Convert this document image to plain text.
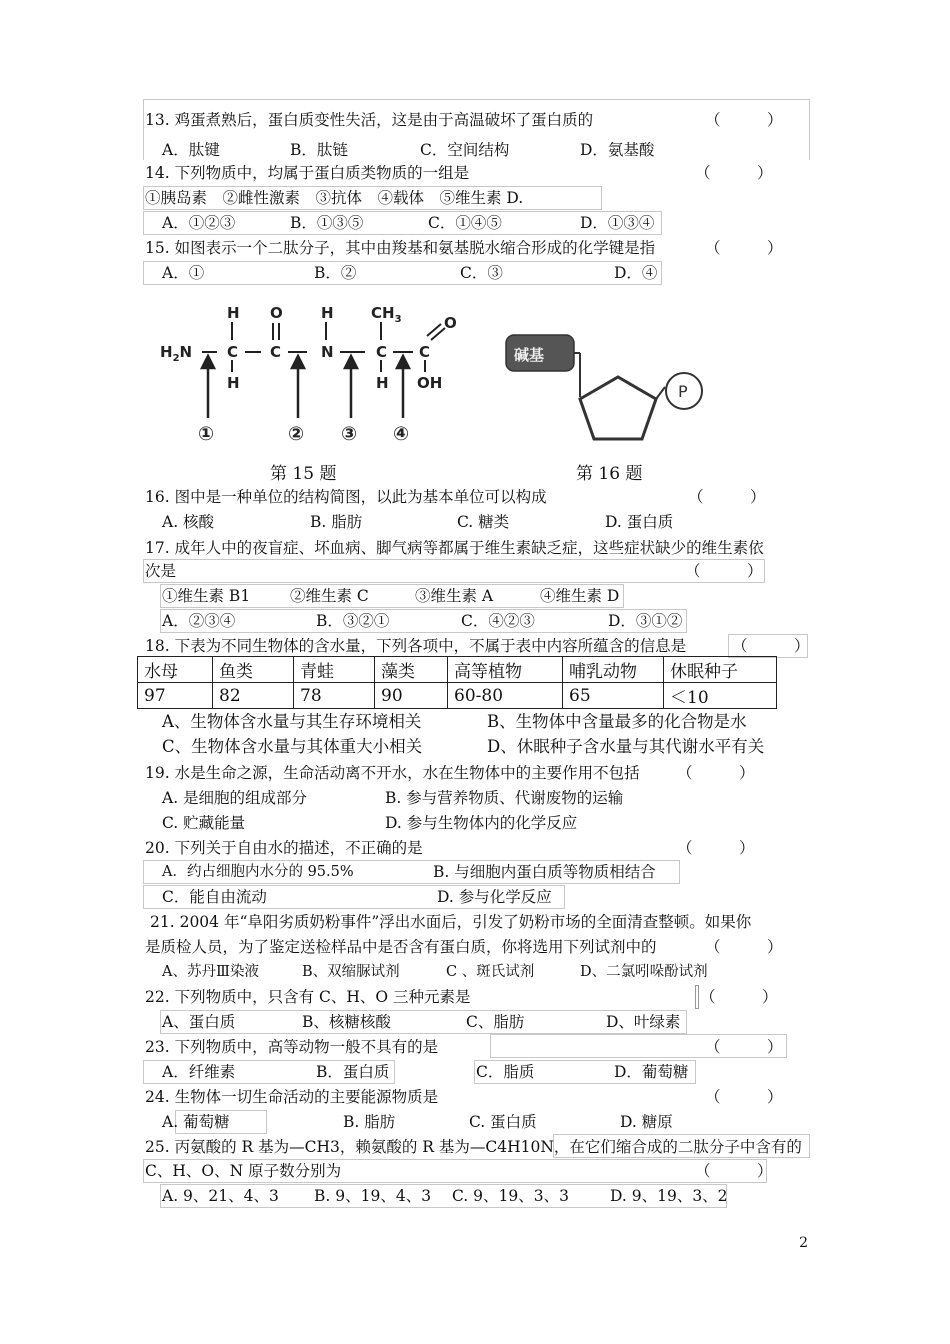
13. 鸡蛋煮熟后，蛋白质变性失活，这是由于高温破坏了蛋白质的	（　　　）
A．肽键	B．肽链	C．空间结构	D．氨基酸
14. 下列物质中，均属于蛋白质类物质的一组是	（　　　）
①胰岛素　②雌性激素　③抗体　④载体　⑤维生素 D.
A．①②③	B．①③⑤	C．①④⑤	D．①③④
15. 如图表示一个二肽分子，其中由羧基和氨基脱水缩合形成的化学键是指	（　　　）
A．①	B．②	C．③	D．④
$H_2N$ C
H
H
C
O
N
H
C
$CH_3$
H
C
O
OH
①	② ③ ④
碱基
P
第 15 题	第 16 题
16. 图中是一种单位的结构简图，以此为基本单位可以构成	（　　　）
A. 核酸	B. 脂肪	C. 糖类	D. 蛋白质
17. 成年人中的夜盲症、坏血病、脚气病等都属于维生素缺乏症，这些症状缺少的维生素依
次是	（　　　）
①维生素 B1	②维生素 C	③维生素 A	④维生素 D
A．②③④	B．③②①	C．④②③	D．③①②
18. 下表为不同生物体的含水量，下列各项中，不属于表中内容所蕴含的信息是	（　　　）
水母	鱼类	青蛙	藻类	高等植物	哺乳动物	休眠种子
97	82	78	90	60-80	65	＜10
A、生物体含水量与其生存环境相关	B、生物体中含量最多的化合物是水
C、生物体含水量与其体重大小相关	D、休眠种子含水量与其代谢水平有关
19. 水是生命之源，生命活动离不开水，水在生物体中的主要作用不包括 （　　　）
A. 是细胞的组成部分	B. 参与营养物质、代谢废物的运输
C. 贮藏能量	D. 参与生物体内的化学反应
20. 下列关于自由水的描述，不正确的是	（　　　）
A．约占细胞内水分的 95.5%	B. 与细胞内蛋白质等物质相结合
C．能自由流动	D. 参与化学反应
21. 2004 年“阜阳劣质奶粉事件”浮出水面后，引发了奶粉市场的全面清查整顿。如果你
是质检人员，为了鉴定送检样品中是否含有蛋白质，你将选用下列试剂中的	（　　　）
A、苏丹Ⅲ染液	B、双缩脲试剂	C 、斑氏试剂	D、二氯吲哚酚试剂
22. 下列物质中，只含有 C、H、O 三种元素是	（　　　）
A、蛋白质	B、核糖核酸	C、脂肪	D、叶绿素
23. 下列物质中，高等动物一般不具有的是	（　　　）
A．纤维素	B．蛋白质	C．脂质	D．葡萄糖
24. 生物体一切生命活动的主要能源物质是	（　　　）
A. 葡萄糖	B. 脂肪	C. 蛋白质	D. 糖原
25. 丙氨酸的 R 基为—CH3，赖氨酸的 R 基为—C4H10N，在它们缩合成的二肽分子中含有的
C、H、O、N 原子数分别为	（　　　）
A. 9、21、4、3 B. 9、19、4、3 C. 9、19、3、3	D. 9、19、3、2
2
